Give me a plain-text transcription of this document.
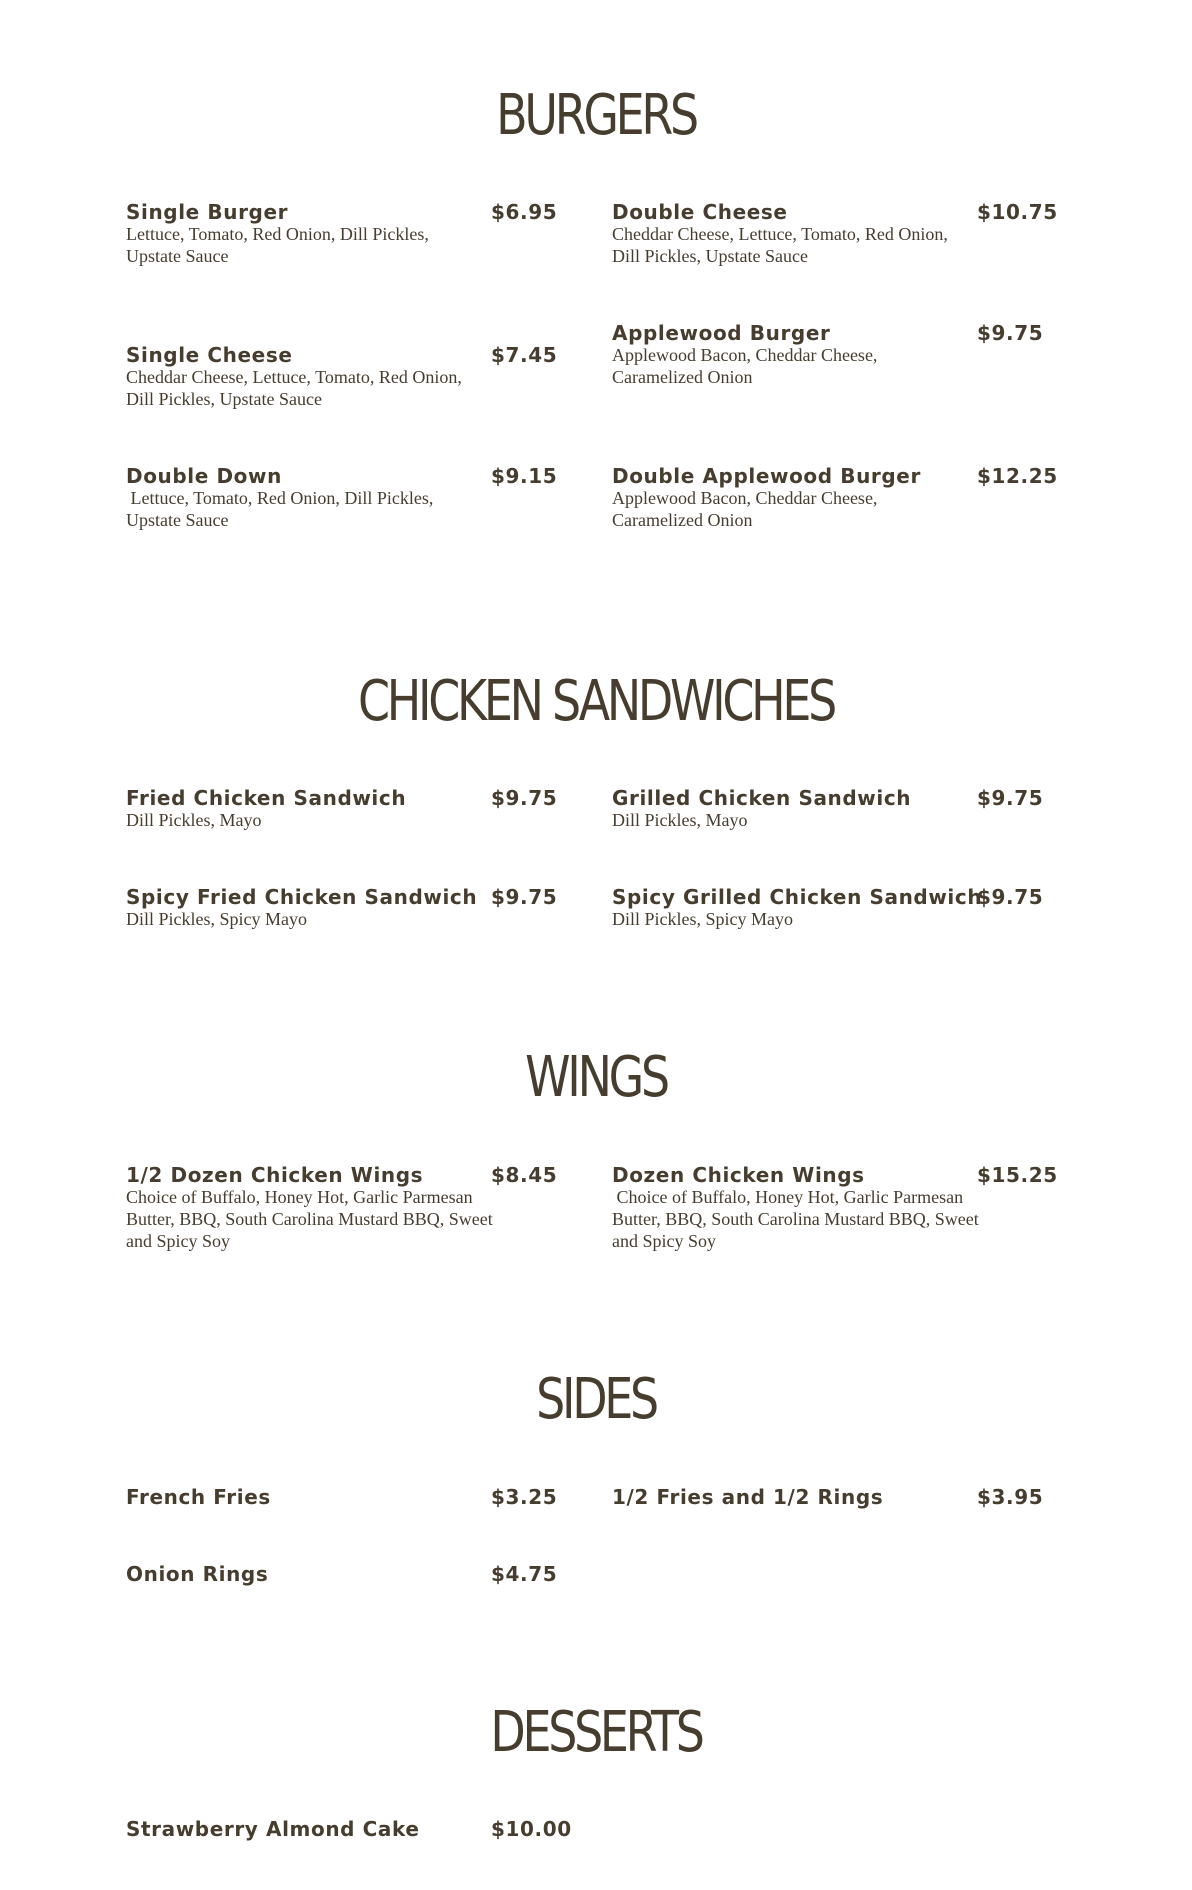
BURGERS
Single Burger	$6.95
Lettuce, Tomato, Red Onion, Dill Pickles, Upstate Sauce
Double Cheese	$10.75
Cheddar Cheese, Lettuce, Tomato, Red Onion, Dill Pickles, Upstate Sauce
Single Cheese	$7.45
Cheddar Cheese, Lettuce, Tomato, Red Onion, Dill Pickles, Upstate Sauce
Applewood Burger	$9.75
Applewood Bacon, Cheddar Cheese, Caramelized Onion
Double Down	$9.15
Lettuce, Tomato, Red Onion, Dill Pickles, Upstate Sauce
Double Applewood Burger	$12.25
Applewood Bacon, Cheddar Cheese, Caramelized Onion
CHICKEN SANDWICHES
Fried Chicken Sandwich	$9.75
Dill Pickles, Mayo
Grilled Chicken Sandwich	$9.75
Dill Pickles, Mayo
Spicy Fried Chicken Sandwich $9.75
Dill Pickles, Spicy Mayo
Spicy Grilled Chicken Sandwich
$9.75
Dill Pickles, Spicy Mayo
WINGS
1/2 Dozen Chicken Wings	$8.45
Choice of Buffalo, Honey Hot, Garlic Parmesan Butter, BBQ, South Carolina Mustard BBQ, Sweet and Spicy Soy
Dozen Chicken Wings	$15.25
Choice of Buffalo, Honey Hot, Garlic Parmesan Butter, BBQ, South Carolina Mustard BBQ, Sweet and Spicy Soy
SIDES
French Fries	$3.25	1/2 Fries and 1/2 Rings	$3.95
Onion Rings	$4.75
DESSERTS
Strawberry Almond Cake	$10.00
